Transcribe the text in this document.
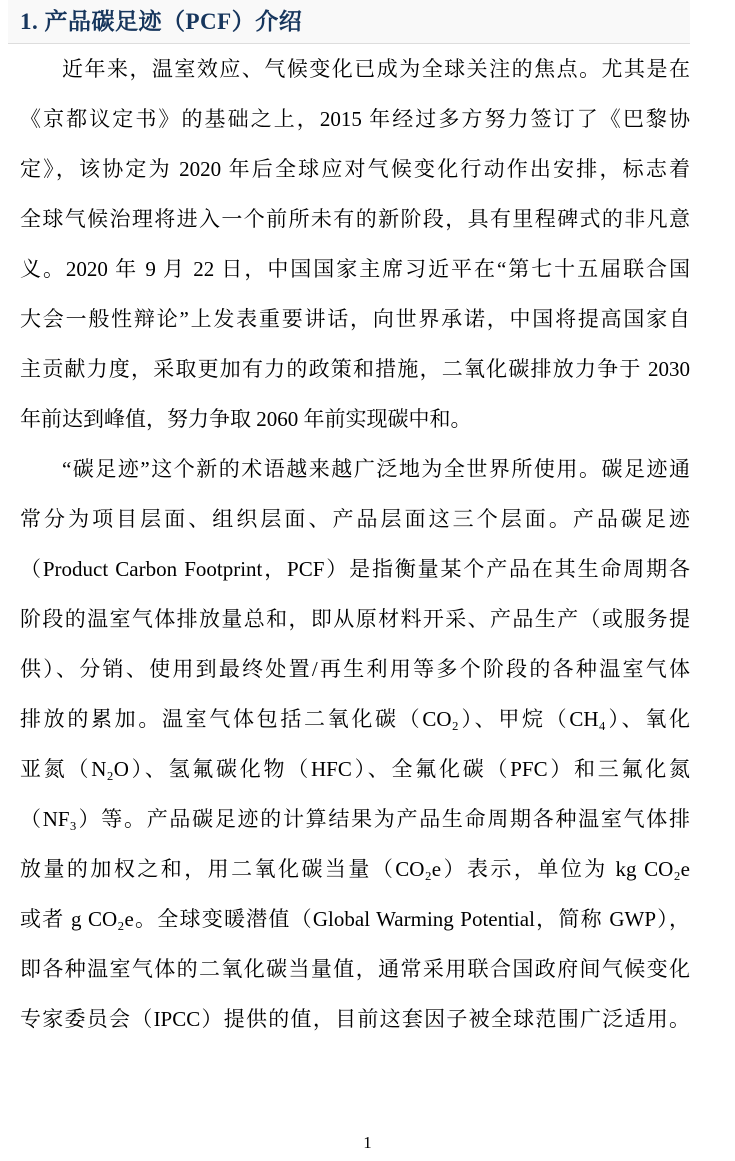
1. 产品碳足迹（PCF）介绍
近年来，温室效应、气候变化已成为全球关注的焦点。尤其是在
《京都议定书》的基础之上，2015 年经过多方努力签订了《巴黎协
定》，该协定为 2020 年后全球应对气候变化行动作出安排，标志着
全球气候治理将进入一个前所未有的新阶段，具有里程碑式的非凡意
义。2020 年 9 月 22 日，中国国家主席习近平在“第七十五届联合国
大会一般性辩论”上发表重要讲话，向世界承诺，中国将提高国家自
主贡献力度，采取更加有力的政策和措施，二氧化碳排放力争于 2030
年前达到峰值，努力争取 2060 年前实现碳中和。
“碳足迹”这个新的术语越来越广泛地为全世界所使用。碳足迹通
常分为项目层面、组织层面、产品层面这三个层面。产品碳足迹
（Product Carbon Footprint，PCF）是指衡量某个产品在其生命周期各
阶段的温室气体排放量总和，即从原材料开采、产品生产（或服务提
供）、分销、使用到最终处置/再生利用等多个阶段的各种温室气体
排放的累加。温室气体包括二氧化碳（CO₂）、甲烷（CH₄）、氧化
亚氮（N₂O）、氢氟碳化物（HFC）、全氟化碳（PFC）和三氟化氮
（NF₃）等。产品碳足迹的计算结果为产品生命周期各种温室气体排
放量的加权之和，用二氧化碳当量（CO₂e）表示，单位为 kg CO₂e
或者 g CO₂e。全球变暖潜值（Global Warming Potential，简称 GWP），
即各种温室气体的二氧化碳当量值，通常采用联合国政府间气候变化
专家委员会（IPCC）提供的值，目前这套因子被全球范围广泛适用。
1
